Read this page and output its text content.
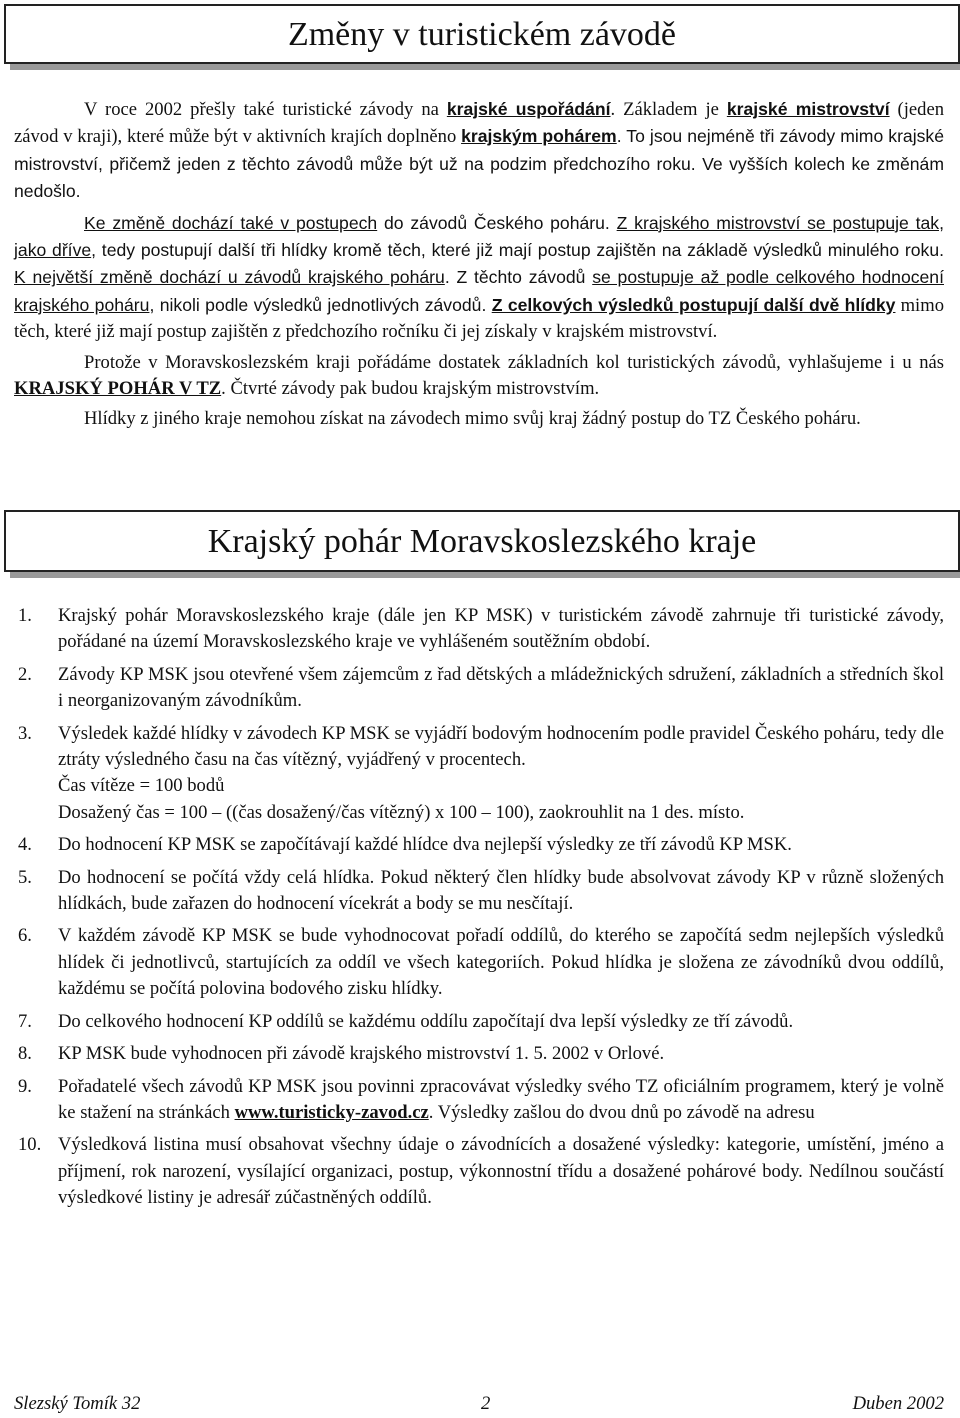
Změny v turistickém závodě

V roce 2002 přešly také turistické závody na krajské uspořádání. Základem je krajské mistrovství (jeden závod v kraji), které může být v aktivních krajích doplněno krajským pohárem. To jsou nejméně tři závody mimo krajské mistrovství, přičemž jeden z těchto závodů může být už na podzim předchozího roku. Ve vyšších kolech ke změnám nedošlo.

Ke změně dochází také v postupech do závodů Českého poháru. Z krajského mistrovství se postupuje tak, jako dříve, tedy postupují další tři hlídky kromě těch, které již mají postup zajištěn na základě výsledků minulého roku. K největší změně dochází u závodů krajského poháru. Z těchto závodů se postupuje až podle celkového hodnocení krajského poháru, nikoli podle výsledků jednotlivých závodů. Z celkových výsledků postupují další dvě hlídky mimo těch, které již mají postup zajištěn z předchozího ročníku či jej získaly v krajském mistrovství.

Protože v Moravskoslezském kraji pořádáme dostatek základních kol turistických závodů, vyhlašujeme i u nás KRAJSKÝ POHÁR V TZ. Čtvrté závody pak budou krajským mistrovstvím.

Hlídky z jiného kraje nemohou získat na závodech mimo svůj kraj žádný postup do TZ Českého poháru.

Krajský pohár Moravskoslezského kraje
1. Krajský pohár Moravskoslezského kraje (dále jen KP MSK) v turistickém závodě zahrnuje tři turistické závody, pořádané na území Moravskoslezského kraje ve vyhlášeném soutěžním období.
2. Závody KP MSK jsou otevřené všem zájemcům z řad dětských a mládežnických sdružení, základních a středních škol i neorganizovaným závodníkům.
3. Výsledek každé hlídky v závodech KP MSK se vyjádří bodovým hodnocením podle pravidel Českého poháru, tedy dle ztráty výsledného času na čas vítězný, vyjádřený v procentech.
Čas vítěze = 100 bodů
Dosažený čas = 100 – ((čas dosažený/čas vítězný) x 100 – 100), zaokrouhlit na 1 des. místo.
4. Do hodnocení KP MSK se započítávají každé hlídce dva nejlepší výsledky ze tří závodů KP MSK.
5. Do hodnocení se počítá vždy celá hlídka. Pokud některý člen hlídky bude absolvovat závody KP v různě složených hlídkách, bude zařazen do hodnocení vícekrát a body se mu nesčítají.
6. V každém závodě KP MSK se bude vyhodnocovat pořadí oddílů, do kterého se započítá sedm nejlepších výsledků hlídek či jednotlivců, startujících za oddíl ve všech kategoriích. Pokud hlídka je složena ze závodníků dvou oddílů, každému se počítá polovina bodového zisku hlídky.
7. Do celkového hodnocení KP oddílů se každému oddílu započítají dva lepší výsledky ze tří závodů.
8. KP MSK bude vyhodnocen při závodě krajského mistrovství 1. 5. 2002 v Orlové.
9. Pořadatelé všech závodů KP MSK jsou povinni zpracovávat výsledky svého TZ oficiálním programem, který je volně ke stažení na stránkách www.turisticky-zavod.cz. Výsledky zašlou do dvou dnů po závodě na adresu
10. Výsledková listina musí obsahovat všechny údaje o závodnících a dosažené výsledky: kategorie, umístění, jméno a příjmení, rok narození, vysílající organizaci, postup, výkonnostní třídu a dosažené pohárové body. Nedílnou součástí výsledkové listiny je adresář zúčastněných oddílů.
Slezský Tomík 32	2	Duben 2002
